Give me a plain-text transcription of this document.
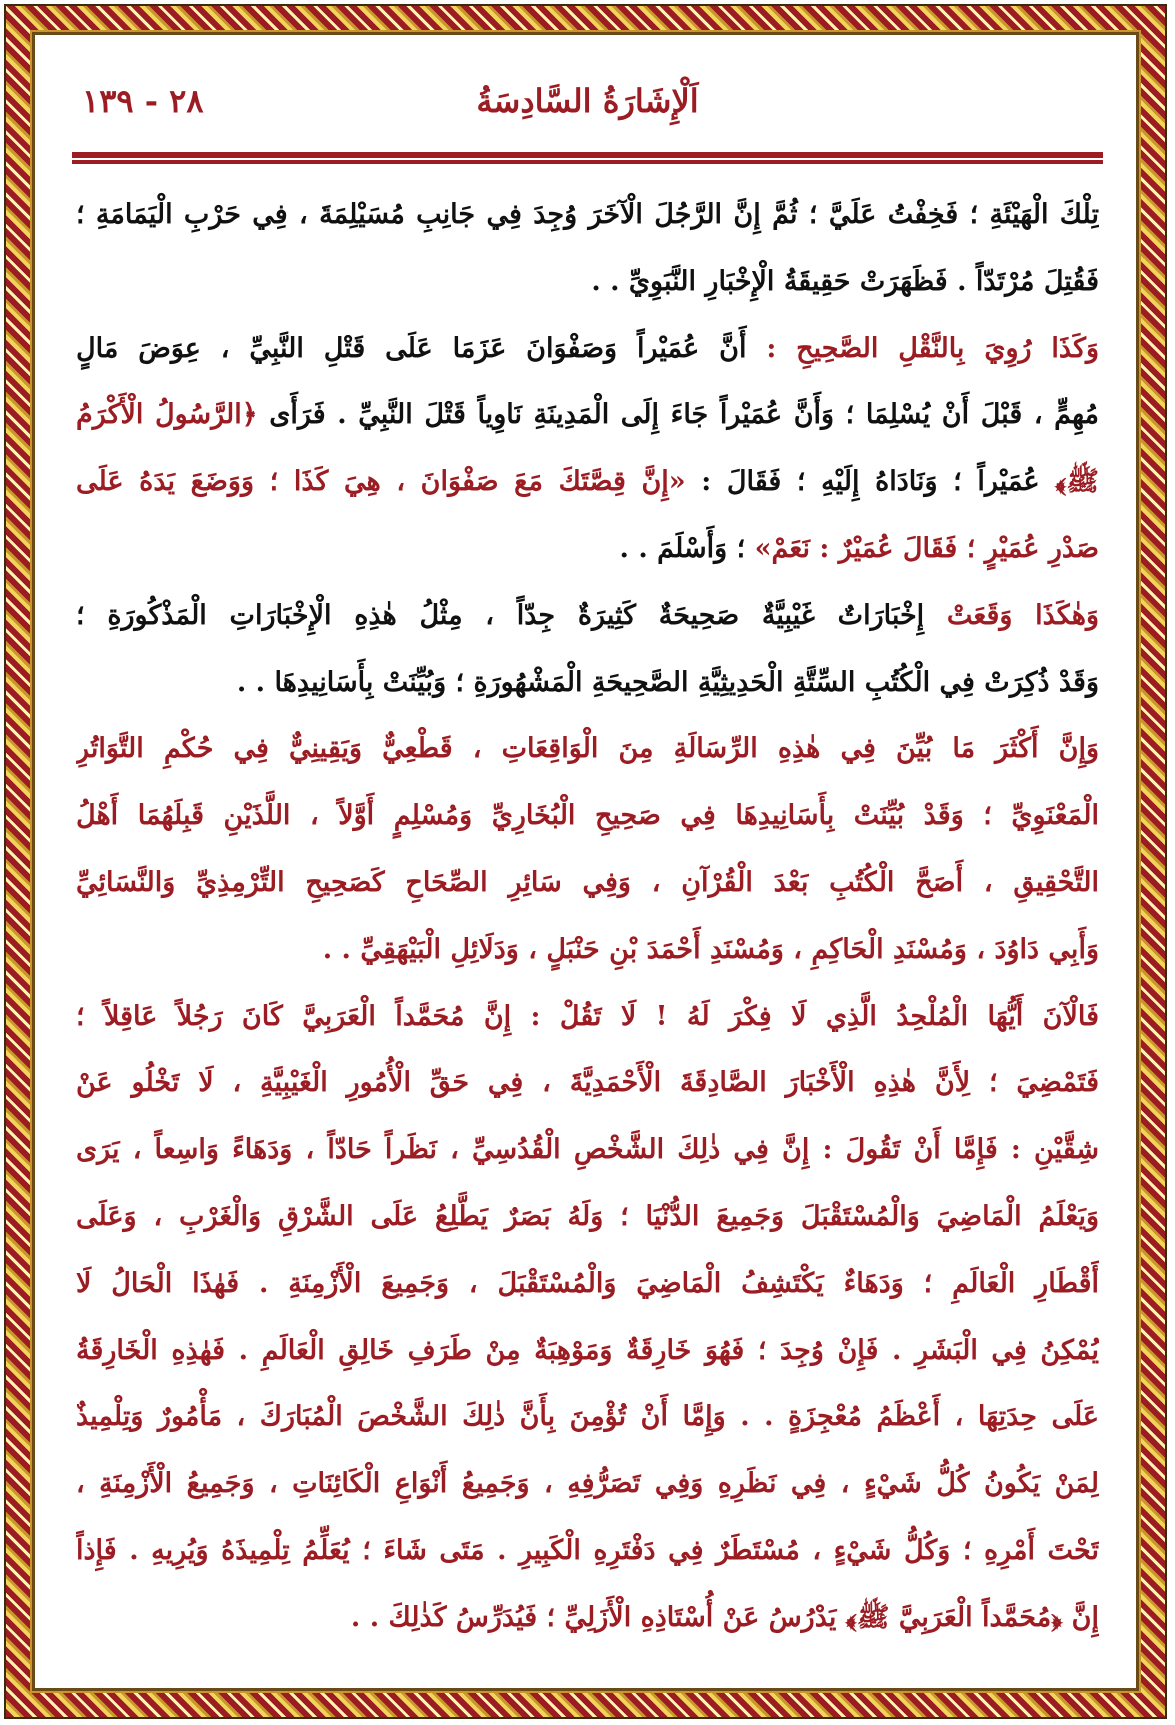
اَلْإِشَارَةُ السَّادِسَةُ
٢٨ - ١٣٩
تِلْكَ الْهَيْئَةِ ؛ فَخِفْتُ عَلَيَّ ؛ ثُمَّ إِنَّ الرَّجُلَ الْآخَرَ وُجِدَ فِي جَانِبِ مُسَيْلِمَةَ ، فِي حَرْبِ الْيَمَامَةِ ؛
فَقُتِلَ مُرْتَدّاً . فَظَهَرَتْ حَقِيقَةُ الْإِخْبَارِ النَّبَوِيِّ . .
وَكَذَا رُوِيَ بِالنَّقْلِ الصَّحِيحِ : أَنَّ عُمَيْراً وَصَفْوَانَ عَزَمَا عَلَى قَتْلِ النَّبِيِّ ، عِوَضَ مَالٍ
مُهِمٍّ ، قَبْلَ أَنْ يُسْلِمَا ؛ وَأَنَّ عُمَيْراً جَاءَ إِلَى الْمَدِينَةِ نَاوِياً قَتْلَ النَّبِيِّ . فَرَأَى ﴿الرَّسُولُ الْأَكْرَمُ
ﷺ﴾ عُمَيْراً ؛ وَنَادَاهُ إِلَيْهِ ؛ فَقَالَ : «إِنَّ قِصَّتَكَ مَعَ صَفْوَانَ ، هِيَ كَذَا ؛ وَوَضَعَ يَدَهُ عَلَى
صَدْرِ عُمَيْرٍ ؛ فَقَالَ عُمَيْرٌ : نَعَمْ» ؛ وَأَسْلَمَ . .
وَهٰكَذَا وَقَعَتْ إِخْبَارَاتٌ غَيْبِيَّةٌ صَحِيحَةٌ كَثِيرَةٌ جِدّاً ، مِثْلُ هٰذِهِ الْإِخْبَارَاتِ الْمَذْكُورَةِ ؛
وَقَدْ ذُكِرَتْ فِي الْكُتُبِ السِّتَّةِ الْحَدِيثِيَّةِ الصَّحِيحَةِ الْمَشْهُورَةِ ؛ وَبُيِّنَتْ بِأَسَانِيدِهَا . .
وَإِنَّ أَكْثَرَ مَا بُيِّنَ فِي هٰذِهِ الرِّسَالَةِ مِنَ الْوَاقِعَاتِ ، قَطْعِيٌّ وَيَقِينِيٌّ فِي حُكْمِ التَّوَاتُرِ
الْمَعْنَوِيِّ ؛ وَقَدْ بُيِّنَتْ بِأَسَانِيدِهَا فِي صَحِيحِ الْبُخَارِيِّ وَمُسْلِمٍ أَوَّلاً ، اللَّذَيْنِ قَبِلَهُمَا أَهْلُ
التَّحْقِيقِ ، أَصَحَّ الْكُتُبِ بَعْدَ الْقُرْآنِ ، وَفِي سَائِرِ الصِّحَاحِ كَصَحِيحِ التِّرْمِذِيِّ وَالنَّسَائِيِّ
وَأَبِي دَاوُدَ ، وَمُسْنَدِ الْحَاكِمِ ، وَمُسْنَدِ أَحْمَدَ بْنِ حَنْبَلٍ ، وَدَلَائِلِ الْبَيْهَقِيِّ . .
فَالْآنَ أَيُّهَا الْمُلْحِدُ الَّذِي لَا فِكْرَ لَهُ ! لَا تَقُلْ : إِنَّ مُحَمَّداً الْعَرَبِيَّ كَانَ رَجُلاً عَاقِلاً ؛
فَتَمْضِيَ ؛ لِأَنَّ هٰذِهِ الْأَخْبَارَ الصَّادِقَةَ الْأَحْمَدِيَّةَ ، فِي حَقِّ الْأُمُورِ الْغَيْبِيَّةِ ، لَا تَخْلُو عَنْ
شِقَّيْنِ : فَإِمَّا أَنْ تَقُولَ : إِنَّ فِي ذٰلِكَ الشَّخْصِ الْقُدُسِيِّ ، نَظَراً حَادّاً ، وَدَهَاءً وَاسِعاً ، يَرَى
وَيَعْلَمُ الْمَاضِيَ وَالْمُسْتَقْبَلَ وَجَمِيعَ الدُّنْيَا ؛ وَلَهُ بَصَرٌ يَطَّلِعُ عَلَى الشَّرْقِ وَالْغَرْبِ ، وَعَلَى
أَقْطَارِ الْعَالَمِ ؛ وَدَهَاءٌ يَكْتَشِفُ الْمَاضِيَ وَالْمُسْتَقْبَلَ ، وَجَمِيعَ الْأَزْمِنَةِ . فَهٰذَا الْحَالُ لَا
يُمْكِنُ فِي الْبَشَرِ . فَإِنْ وُجِدَ ؛ فَهُوَ خَارِقَةٌ وَمَوْهِبَةٌ مِنْ طَرَفِ خَالِقِ الْعَالَمِ . فَهٰذِهِ الْخَارِقَةُ
عَلَى حِدَتِهَا ، أَعْظَمُ مُعْجِزَةٍ . . وَإِمَّا أَنْ تُؤْمِنَ بِأَنَّ ذٰلِكَ الشَّخْصَ الْمُبَارَكَ ، مَأْمُورٌ وَتِلْمِيذٌ
لِمَنْ يَكُونُ كُلُّ شَيْءٍ ، فِي نَظَرِهِ وَفِي تَصَرُّفِهِ ، وَجَمِيعُ أَنْوَاعِ الْكَائِنَاتِ ، وَجَمِيعُ الْأَزْمِنَةِ ،
تَحْتَ أَمْرِهِ ؛ وَكُلُّ شَيْءٍ ، مُسْتَطَرٌ فِي دَفْتَرِهِ الْكَبِيرِ . مَتَى شَاءَ ؛ يُعَلِّمُ تِلْمِيذَهُ وَيُرِيهِ . فَإِذاً
إِنَّ ﴿مُحَمَّداً الْعَرَبِيَّ ﷺ﴾ يَدْرُسُ عَنْ أُسْتَاذِهِ الْأَزَلِيِّ ؛ فَيُدَرِّسُ كَذٰلِكَ . .
